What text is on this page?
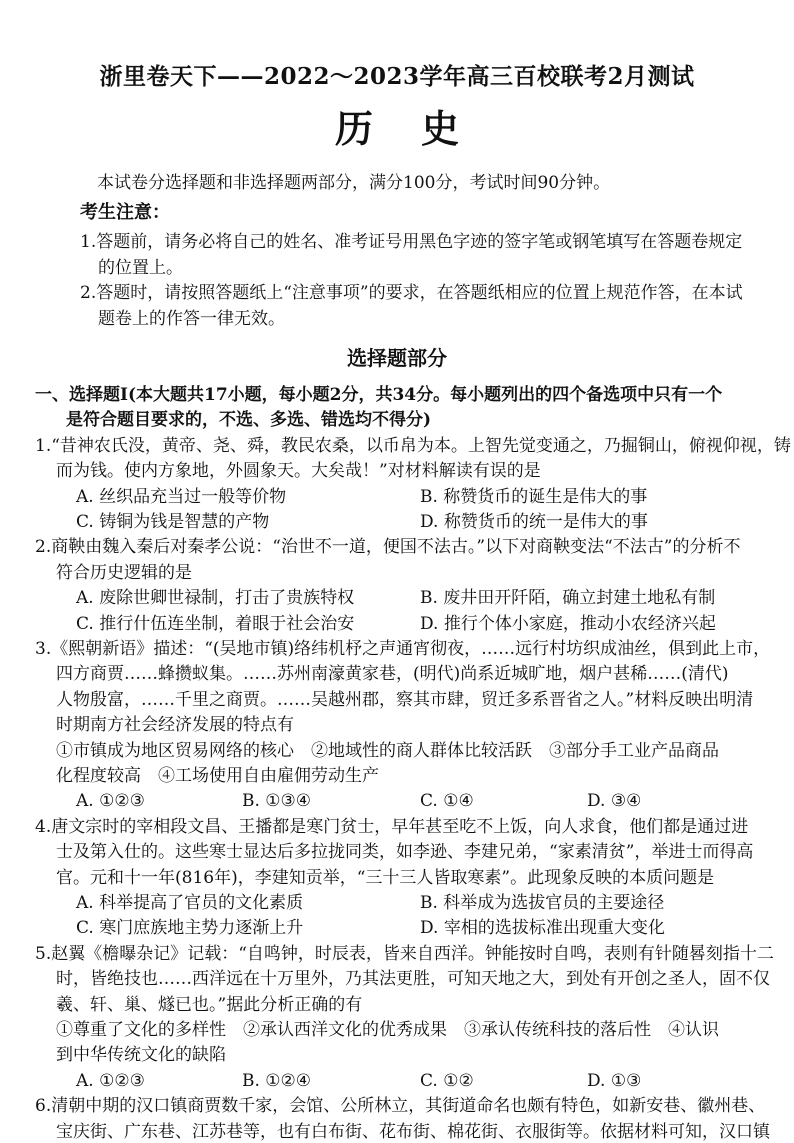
浙里卷天下——2022～2023学年高三百校联考2月测试
历史
本试卷分选择题和非选择题两部分，满分100分，考试时间90分钟。
考生注意：
1.答题前，请务必将自己的姓名、准考证号用黑色字迹的签字笔或钢笔填写在答题卷规定
的位置上。
2.答题时，请按照答题纸上“注意事项”的要求，在答题纸相应的位置上规范作答，在本试
题卷上的作答一律无效。
选择题部分
一、选择题Ⅰ(本大题共17小题，每小题2分，共34分。每小题列出的四个备选项中只有一个
是符合题目要求的，不选、多选、错选均不得分)
1.“昔神农氏没，黄帝、尧、舜，教民农桑，以币帛为本。上智先觉变通之，乃掘铜山，俯视仰视，铸
而为钱。使内方象地，外圆象天。大矣哉！”对材料解读有误的是
A. 丝织品充当过一般等价物	B. 称赞货币的诞生是伟大的事
C. 铸铜为钱是智慧的产物	D. 称赞货币的统一是伟大的事
2.商鞅由魏入秦后对秦孝公说：“治世不一道，便国不法古。”以下对商鞅变法“不法古”的分析不
符合历史逻辑的是
A. 废除世卿世禄制，打击了贵族特权	B. 废井田开阡陌，确立封建土地私有制
C. 推行什伍连坐制，着眼于社会治安	D. 推行个体小家庭，推动小农经济兴起
3.《熙朝新语》描述：“(吴地市镇)络纬机杼之声通宵彻夜，……远行村坊织成油丝，俱到此上市，
四方商贾……蜂攒蚁集。……苏州南濠黄家巷，(明代)尚系近城旷地，烟户甚稀……(清代)
人物殷富，……千里之商贾。……吴越州郡，察其市肆，贸迁多系晋省之人。”材料反映出明清
时期南方社会经济发展的特点有
①市镇成为地区贸易网络的核心　②地域性的商人群体比较活跃　③部分手工业产品商品
化程度较高　④工场使用自由雇佣劳动生产
A. ①②③	B. ①③④	C. ①④	D. ③④
4.唐文宗时的宰相段文昌、王播都是寒门贫士，早年甚至吃不上饭，向人求食，他们都是通过进
士及第入仕的。这些寒士显达后多拉拢同类，如李逊、李建兄弟，“家素清贫”，举进士而得高
官。元和十一年(816年)，李建知贡举，“三十三人皆取寒素”。此现象反映的本质问题是
A. 科举提高了官员的文化素质	B. 科举成为选拔官员的主要途径
C. 寒门庶族地主势力逐渐上升	D. 宰相的选拔标准出现重大变化
5.赵翼《檐曝杂记》记载：“自鸣钟，时辰表，皆来自西洋。钟能按时自鸣，表则有针随晷刻指十二
时，皆绝技也……西洋远在十万里外，乃其法更胜，可知天地之大，到处有开创之圣人，固不仅
羲、轩、巢、燧已也。”据此分析正确的有
①尊重了文化的多样性　②承认西洋文化的优秀成果　③承认传统科技的落后性　④认识
到中华传统文化的缺陷
A. ①②③	B. ①②④	C. ①②	D. ①③
6.清朝中期的汉口镇商贾数千家，会馆、公所林立，其街道命名也颇有特色，如新安巷、徽州巷、
宝庆街、广东巷、江苏巷等，也有白布街、花布街、棉花街、衣服街等。依据材料可知，汉口镇
